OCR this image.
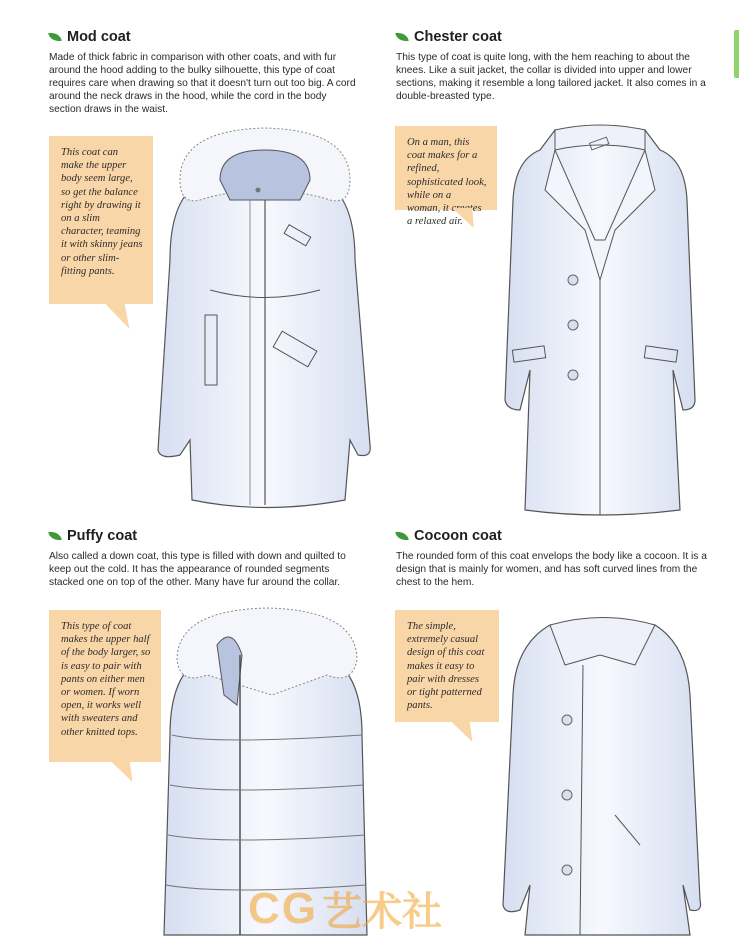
Mod coat
Made of thick fabric in comparison with other coats, and with fur around the hood adding to the bulky silhouette, this type of coat requires care when drawing so that it doesn't turn out too big. A cord around the neck draws in the hood, while the cord in the body section draws in the waist.
This coat can make the upper body seem large, so get the balance right by drawing it on a slim character, teaming it with skinny jeans or other slim-fitting pants.
Chester coat
This type of coat is quite long, with the hem reaching to about the knees. Like a suit jacket, the collar is divided into upper and lower sections, making it resemble a long tailored jacket. It also comes in a double-breasted type.
On a man, this coat makes for a refined, sophisticated look, while on a woman, it creates a relaxed air.
Puffy coat
Also called a down coat, this type is filled with down and quilted to keep out the cold. It has the appearance of rounded segments stacked one on top of the other. Many have fur around the collar.
This type of coat makes the upper half of the body larger, so is easy to pair with pants on either men or women. If worn open, it works well with sweaters and other knitted tops.
Cocoon coat
The rounded form of this coat envelops the body like a cocoon. It is a design that is mainly for women, and has soft curved lines from the chest to the hem.
The simple, extremely casual design of this coat makes it easy to pair with dresses or tight patterned pants.
CG 艺术社
